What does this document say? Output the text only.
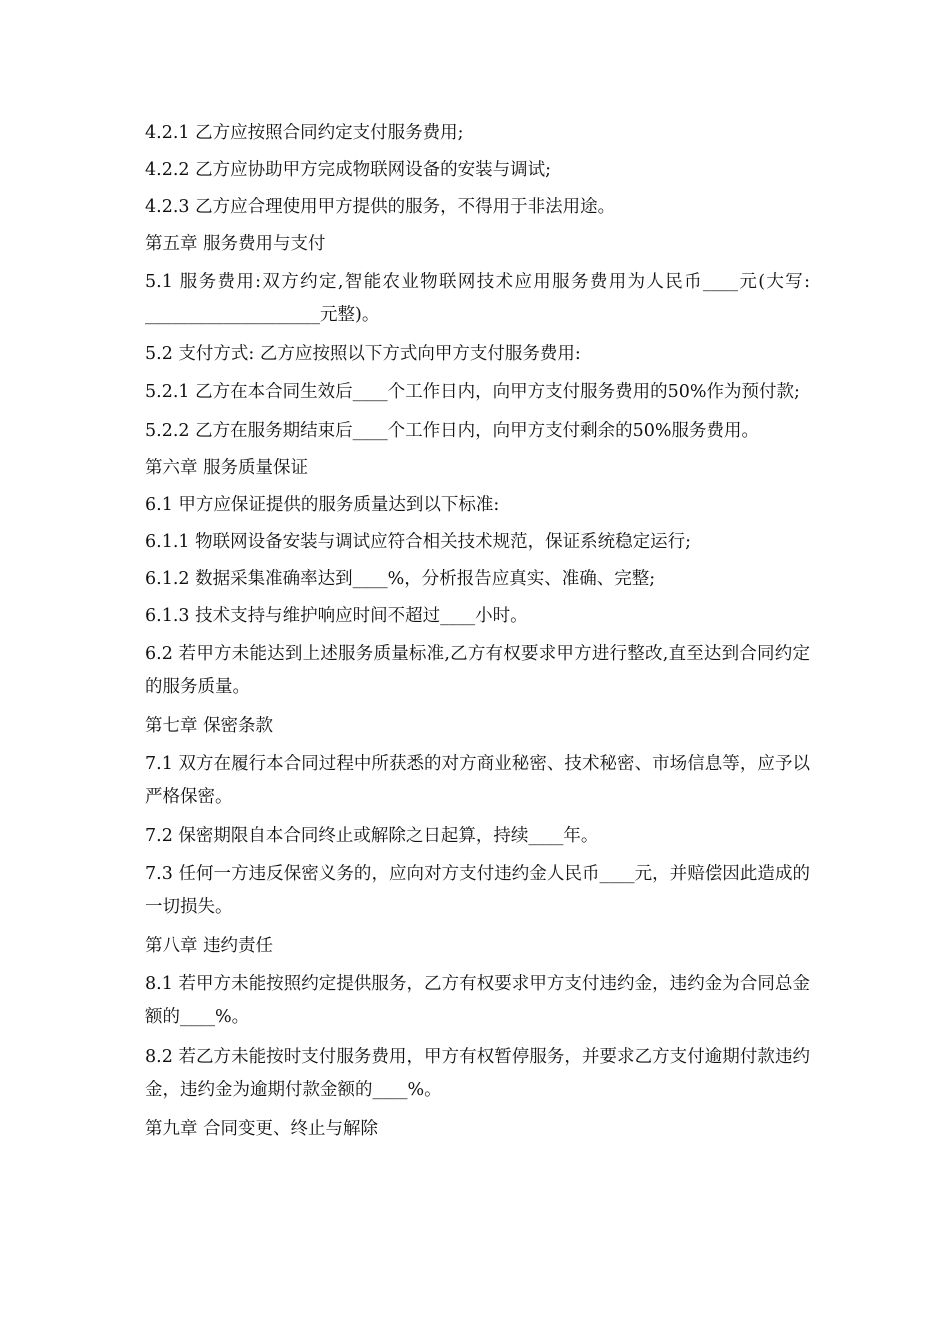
4.2.1 乙方应按照合同约定支付服务费用;

4.2.2 乙方应协助甲方完成物联网设备的安装与调试;

4.2.3 乙方应合理使用甲方提供的服务，不得用于非法用途。

第五章 服务费用与支付

5.1 服务费用:双方约定,智能农业物联网技术应用服务费用为人民币____元(大写: ____________________元整)。

5.2 支付方式: 乙方应按照以下方式向甲方支付服务费用:

5.2.1 乙方在本合同生效后____个工作日内，向甲方支付服务费用的50%作为预付款;

5.2.2 乙方在服务期结束后____个工作日内，向甲方支付剩余的50%服务费用。

第六章 服务质量保证

6.1 甲方应保证提供的服务质量达到以下标准:

6.1.1 物联网设备安装与调试应符合相关技术规范，保证系统稳定运行;

6.1.2 数据采集准确率达到____%，分析报告应真实、准确、完整;

6.1.3 技术支持与维护响应时间不超过____小时。

6.2 若甲方未能达到上述服务质量标准,乙方有权要求甲方进行整改,直至达到合同约定的服务质量。

第七章 保密条款

7.1 双方在履行本合同过程中所获悉的对方商业秘密、技术秘密、市场信息等，应予以严格保密。

7.2 保密期限自本合同终止或解除之日起算，持续____年。

7.3 任何一方违反保密义务的，应向对方支付违约金人民币____元，并赔偿因此造成的一切损失。

第八章 违约责任

8.1 若甲方未能按照约定提供服务，乙方有权要求甲方支付违约金，违约金为合同总金额的____%。

8.2 若乙方未能按时支付服务费用，甲方有权暂停服务，并要求乙方支付逾期付款违约金，违约金为逾期付款金额的____%。

第九章 合同变更、终止与解除
